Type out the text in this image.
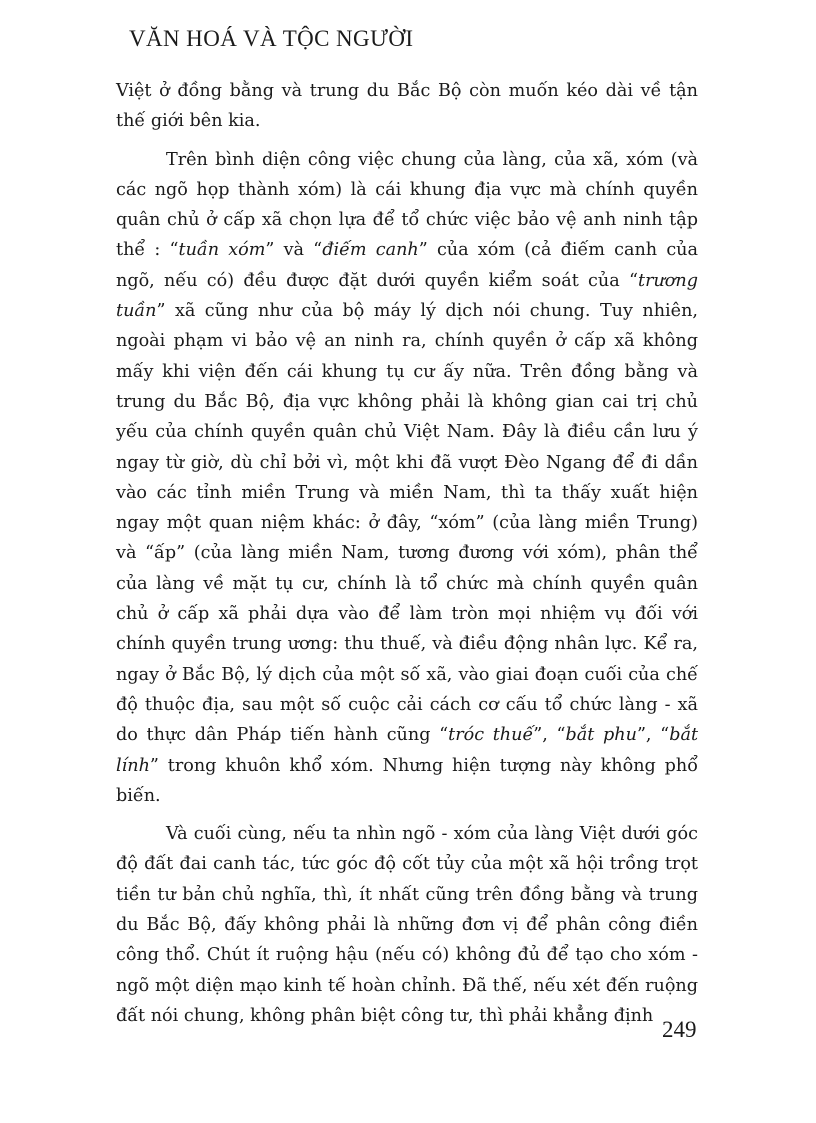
VĂN HOÁ VÀ TỘC NGƯỜI

Việt ở đồng bằng và trung du Bắc Bộ còn muốn kéo dài về tận thế giới bên kia.

Trên bình diện công việc chung của làng, của xã, xóm (và các ngõ họp thành xóm) là cái khung địa vực mà chính quyền quân chủ ở cấp xã chọn lựa để tổ chức việc bảo vệ anh ninh tập thể : “tuần xóm” và “điếm canh” của xóm (cả điếm canh của ngõ, nếu có) đều được đặt dưới quyền kiểm soát của “trương tuần” xã cũng như của bộ máy lý dịch nói chung. Tuy nhiên, ngoài phạm vi bảo vệ an ninh ra, chính quyền ở cấp xã không mấy khi viện đến cái khung tụ cư ấy nữa. Trên đồng bằng và trung du Bắc Bộ, địa vực không phải là không gian cai trị chủ yếu của chính quyền quân chủ Việt Nam. Đây là điều cần lưu ý ngay từ giờ, dù chỉ bởi vì, một khi đã vượt Đèo Ngang để đi dần vào các tỉnh miền Trung và miền Nam, thì ta thấy xuất hiện ngay một quan niệm khác: ở đây, “xóm” (của làng miền Trung) và “ấp” (của làng miền Nam, tương đương với xóm), phân thể của làng về mặt tụ cư, chính là tổ chức mà chính quyền quân chủ ở cấp xã phải dựa vào để làm tròn mọi nhiệm vụ đối với chính quyền trung ương: thu thuế, và điều động nhân lực. Kể ra, ngay ở Bắc Bộ, lý dịch của một số xã, vào giai đoạn cuối của chế độ thuộc địa, sau một số cuộc cải cách cơ cấu tổ chức làng - xã do thực dân Pháp tiến hành cũng “tróc thuế”, “bắt phu”, “bắt lính” trong khuôn khổ xóm. Nhưng hiện tượng này không phổ biến.

Và cuối cùng, nếu ta nhìn ngõ - xóm của làng Việt dưới góc độ đất đai canh tác, tức góc độ cốt tủy của một xã hội trồng trọt tiền tư bản chủ nghĩa, thì, ít nhất cũng trên đồng bằng và trung du Bắc Bộ, đấy không phải là những đơn vị để phân công điền công thổ. Chút ít ruộng hậu (nếu có) không đủ để tạo cho xóm - ngõ một diện mạo kinh tế hoàn chỉnh. Đã thế, nếu xét đến ruộng đất nói chung, không phân biệt công tư, thì phải khẳng định

249
